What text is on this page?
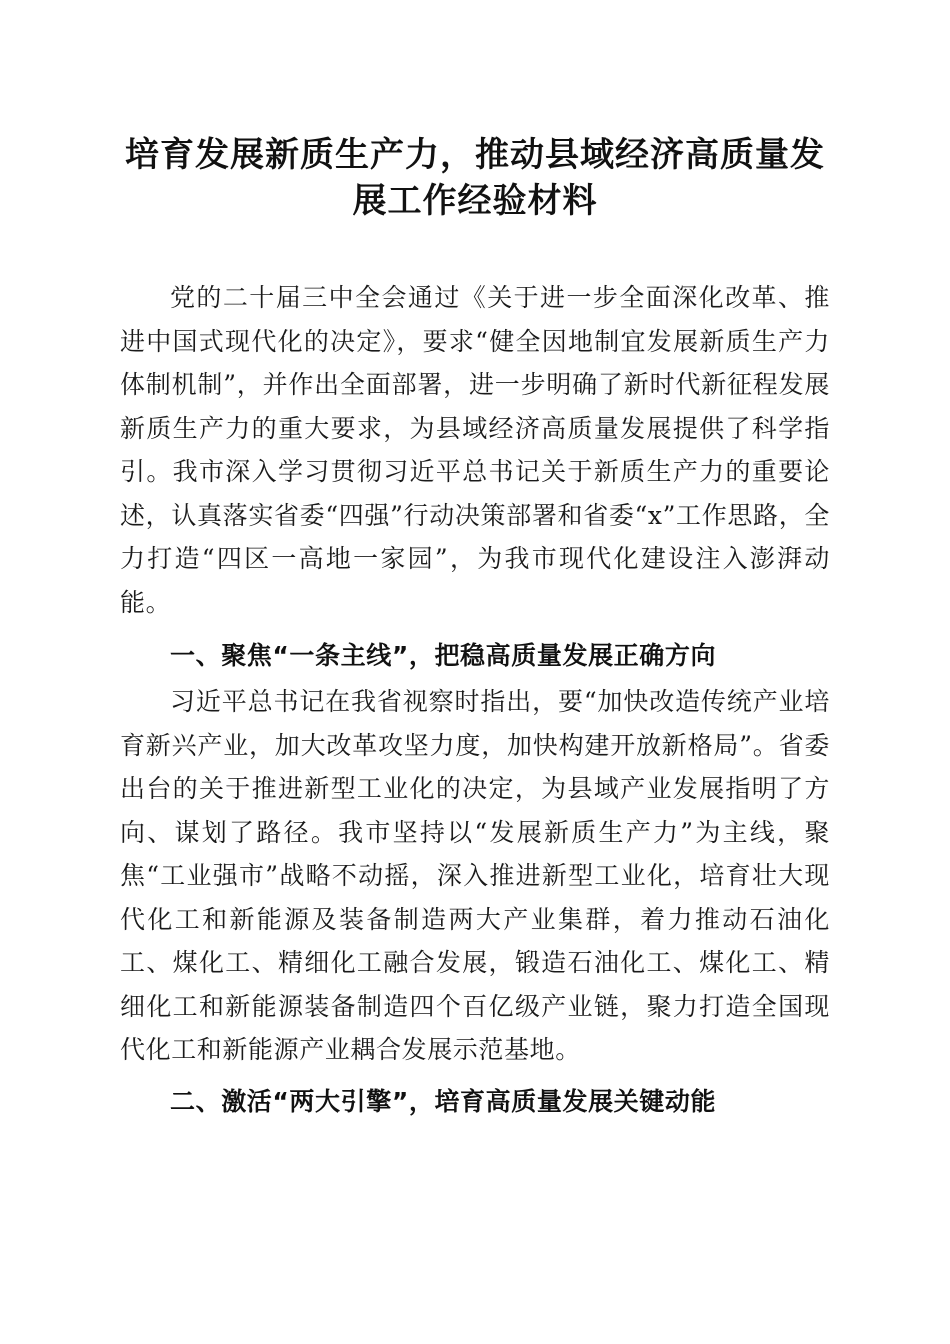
培育发展新质生产力，推动县域经济高质量发展工作经验材料

党的二十届三中全会通过《关于进一步全面深化改革、推进中国式现代化的决定》，要求“健全因地制宜发展新质生产力体制机制”，并作出全面部署，进一步明确了新时代新征程发展新质生产力的重大要求，为县域经济高质量发展提供了科学指引。我市深入学习贯彻习近平总书记关于新质生产力的重要论述，认真落实省委“四强”行动决策部署和省委“x”工作思路，全力打造“四区一高地一家园”，为我市现代化建设注入澎湃动能。

一、聚焦“一条主线”，把稳高质量发展正确方向

习近平总书记在我省视察时指出，要“加快改造传统产业培育新兴产业，加大改革攻坚力度，加快构建开放新格局”。省委出台的关于推进新型工业化的决定，为县域产业发展指明了方向、谋划了路径。我市坚持以“发展新质生产力”为主线，聚焦“工业强市”战略不动摇，深入推进新型工业化，培育壮大现代化工和新能源及装备制造两大产业集群，着力推动石油化工、煤化工、精细化工融合发展，锻造石油化工、煤化工、精细化工和新能源装备制造四个百亿级产业链，聚力打造全国现代化工和新能源产业耦合发展示范基地。

二、激活“两大引擎”，培育高质量发展关键动能
